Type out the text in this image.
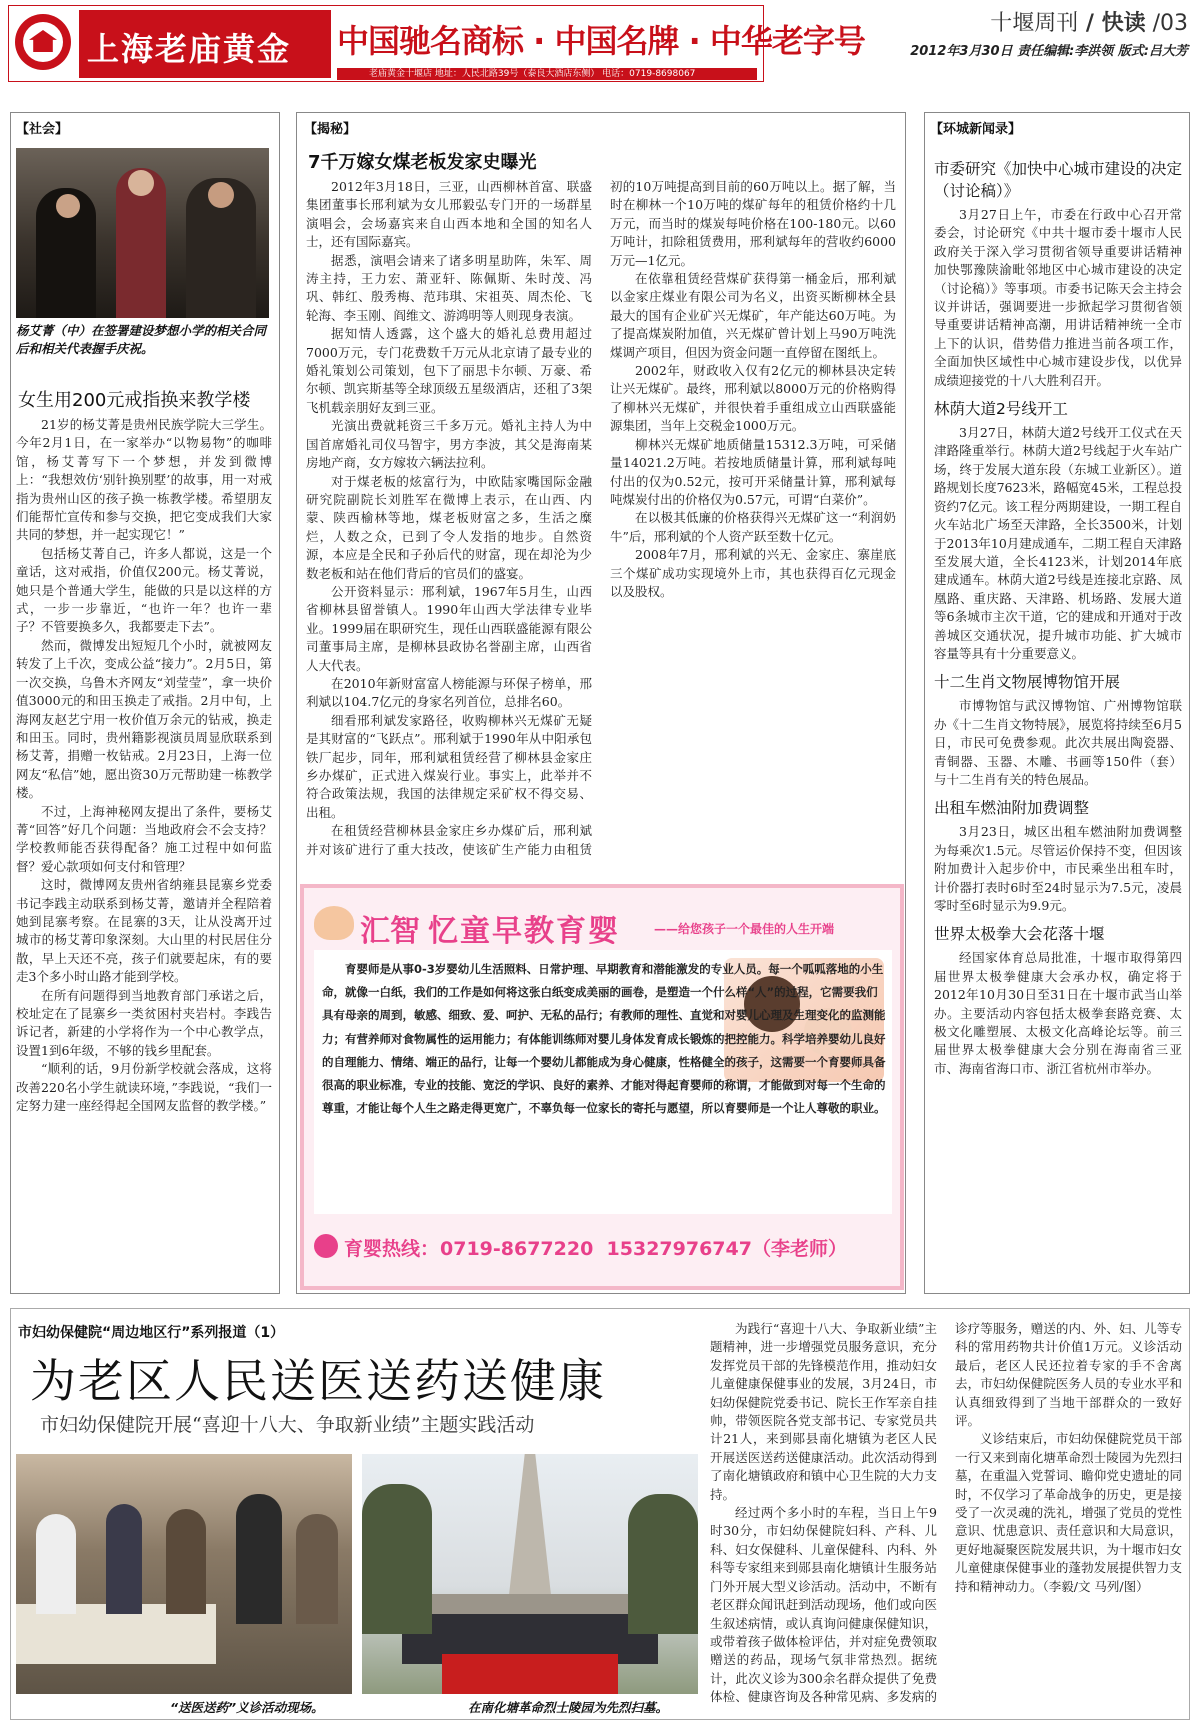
上海老庙黄金 中国驰名商标 · 中国名牌 · 中华老字号
老庙黄金十堰店 地址：人民北路39号（泰良大酒店东侧） 电话：0719-8698067
十堰周刊 / 快读 /03
2012年3月30日 责任编辑:李洪领 版式:吕大芳
【社会】
杨艾菁（中）在签署建设梦想小学的相关合同后和相关代表握手庆祝。
女生用200元戒指换来教学楼

21岁的杨艾菁是贵州民族学院大三学生。今年2月1日，在一家举办“以物易物”的咖啡馆，杨艾菁写下一个梦想，并发到微博上：“我想效仿‘别针换别墅’的故事，用一对戒指为贵州山区的孩子换一栋教学楼。希望朋友们能帮忙宣传和参与交换，把它变成我们大家共同的梦想，并一起实现它！”

包括杨艾菁自己，许多人都说，这是一个童话，这对戒指，价值仅200元。杨艾菁说，她只是个普通大学生，能做的只是以这样的方式，一步一步靠近，“也许一年？也许一辈子？不管要换多久，我都要走下去”。

然而，微博发出短短几个小时，就被网友转发了上千次，变成公益“接力”。2月5日，第一次交换，乌鲁木齐网友“刘莹莹”，拿一块价值3000元的和田玉换走了戒指。2月中旬，上海网友赵艺宁用一枚价值万余元的钻戒，换走和田玉。同时，贵州籍影视演员周显欣联系到杨艾菁，捐赠一枚钻戒。2月23日，上海一位网友“私信”她，愿出资30万元帮助建一栋教学楼。

不过，上海神秘网友提出了条件，要杨艾菁“回答”好几个问题：当地政府会不会支持？学校教师能否获得配备？施工过程中如何监督？爱心款项如何支付和管理？

这时，微博网友贵州省纳雍县昆寨乡党委书记李践主动联系到杨艾菁，邀请并全程陪着她到昆寨考察。在昆寨的3天，让从没离开过城市的杨艾菁印象深刻。大山里的村民居住分散，早上天还不亮，孩子们就要起床，有的要走3个多小时山路才能到学校。

在所有问题得到当地教育部门承诺之后，校址定在了昆寨乡一类贫困村夹岩村。李践告诉记者，新建的小学将作为一个中心教学点，设置1到6年级，不够的钱乡里配套。

“顺利的话，9月份新学校就会落成，这将改善220名小学生就读环境，”李践说，“我们一定努力建一座经得起全国网友监督的教学楼。”

【揭秘】
7千万嫁女煤老板发家史曝光

2012年3月18日，三亚，山西柳林首富、联盛集团董事长邢利斌为女儿邢毅弘专门开的一场群星演唱会，会场嘉宾来自山西本地和全国的知名人士，还有国际嘉宾。

据悉，演唱会请来了诸多明星助阵，朱军、周涛主持，王力宏、萧亚轩、陈佩斯、朱时茂、冯巩、韩红、殷秀梅、范玮琪、宋祖英、周杰伦、飞轮海、李玉刚、阎维文、游鸿明等人则现身表演。

据知情人透露，这个盛大的婚礼总费用超过7000万元，专门花费数千万元从北京请了最专业的婚礼策划公司策划，包下了丽思卡尔顿、万豪、希尔顿、凯宾斯基等全球顶级五星级酒店，还租了3架飞机载亲朋好友到三亚。

光演出费就耗资三千多万元。婚礼主持人为中国首席婚礼司仪马智宇，男方李波，其父是海南某房地产商，女方嫁妆六辆法拉利。

对于煤老板的炫富行为，中欧陆家嘴国际金融研究院副院长刘胜军在微博上表示，在山西、内蒙、陕西榆林等地，煤老板财富之多，生活之糜烂，人数之众，已到了令人发指的地步。自然资源，本应是全民和子孙后代的财富，现在却沦为少数老板和站在他们背后的官员们的盛宴。

公开资料显示：邢利斌，1967年5月生，山西省柳林县留誉镇人。1990年山西大学法律专业毕业。1999届在职研究生，现任山西联盛能源有限公司董事局主席，是柳林县政协名誉副主席，山西省人大代表。

在2010年新财富富人榜能源与环保子榜单，邢利斌以104.7亿元的身家名列首位，总排名60。

细看邢利斌发家路径，收购柳林兴无煤矿无疑是其财富的“飞跃点”。邢利斌于1990年从中阳承包铁厂起步，同年，邢利斌租赁经营了柳林县金家庄乡办煤矿，正式进入煤炭行业。事实上，此举并不符合政策法规，我国的法律规定采矿权不得交易、出租。

在租赁经营柳林县金家庄乡办煤矿后，邢利斌并对该矿进行了重大技改，使该矿生产能力由租赁初的10万吨提高到目前的60万吨以上。据了解，当时在柳林一个10万吨的煤矿每年的租赁价格约十几万元，而当时的煤炭每吨价格在100-180元。以60万吨计，扣除租赁费用，邢利斌每年的营收约6000万元—1亿元。

在依靠租赁经营煤矿获得第一桶金后，邢利斌以金家庄煤业有限公司为名义，出资买断柳林全县最大的国有企业矿兴无煤矿，年产能达60万吨。为了提高煤炭附加值，兴无煤矿曾计划上马90万吨洗煤调产项目，但因为资金问题一直停留在图纸上。

2002年，财政收入仅有2亿元的柳林县决定转让兴无煤矿。最终，邢利斌以8000万元的价格购得了柳林兴无煤矿，并很快着手重组成立山西联盛能源集团，当年上交税金1000万元。

柳林兴无煤矿地质储量15312.3万吨，可采储量14021.2万吨。若按地质储量计算，邢利斌每吨付出的仅为0.52元，按可开采储量计算，邢利斌每吨煤炭付出的价格仅为0.57元，可谓“白菜价”。

在以极其低廉的价格获得兴无煤矿这一“利润奶牛”后，邢利斌的个人资产跃至数十亿元。

2008年7月，邢利斌的兴无、金家庄、寨崖底三个煤矿成功实现境外上市，其也获得百亿元现金以及股权。

汇智 忆童早教育婴	——给您孩子一个最佳的人生开端
育婴师是从事0-3岁婴幼儿生活照料、日常护理、早期教育和潜能激发的专业人员。每一个呱呱落地的小生命，就像一白纸，我们的工作是如何将这张白纸变成美丽的画卷，是塑造一个什么样“人”的过程，它需要我们具有母亲的周到，敏感、细致、爱、呵护、无私的品行；有教师的理性、直觉和对婴儿心理及生理变化的监测能力；有营养师对食物属性的运用能力；有体能训练师对婴儿身体发育成长锻炼的把控能力。科学培养婴幼儿良好的自理能力、情绪、端正的品行，让每一个婴幼儿都能成为身心健康，性格健全的孩子，这需要一个育婴师具备很高的职业标准，专业的技能、宽泛的学识、良好的素养、才能对得起育婴师的称谓，才能做到对每一个生命的尊重，才能让每个人生之路走得更宽广，不辜负每一位家长的寄托与愿望，所以育婴师是一个让人尊敬的职业。
育婴热线： 0719-8677220  15327976747（李老师）
【环城新闻录】
市委研究《加快中心城市建设的决定（讨论稿）》
3月27日上午，市委在行政中心召开常委会，讨论研究《中共十堰市委十堰市人民政府关于深入学习贯彻省领导重要讲话精神加快鄂豫陕渝毗邻地区中心城市建设的决定（讨论稿）》等事项。市委书记陈天会主持会议并讲话，强调要进一步掀起学习贯彻省领导重要讲话精神高潮，用讲话精神统一全市上下的认识，借势借力推进当前各项工作，全面加快区域性中心城市建设步伐，以优异成绩迎接党的十八大胜利召开。
林荫大道2号线开工
3月27日，林荫大道2号线开工仪式在天津路隆重举行。林荫大道2号线起于火车站广场，终于发展大道东段（东城工业新区）。道路规划长度7623米，路幅宽45米，工程总投资约7亿元。该工程分两期建设，一期工程自火车站北广场至天津路，全长3500米，计划于2013年10月建成通车，二期工程自天津路至发展大道，全长4123米，计划2014年底建成通车。林荫大道2号线是连接北京路、凤凰路、重庆路、天津路、机场路、发展大道等6条城市主次干道，它的建成和开通对于改善城区交通状况，提升城市功能、扩大城市容量等具有十分重要意义。
十二生肖文物展博物馆开展
市博物馆与武汉博物馆、广州博物馆联办《十二生肖文物特展》，展览将持续至6月5日，市民可免费参观。此次共展出陶瓷器、青铜器、玉器、木雕、书画等150件（套）与十二生肖有关的特色展品。
出租车燃油附加费调整
3月23日，城区出租车燃油附加费调整为每乘次1.5元。尽管运价保持不变，但因该附加费计入起步价中，市民乘坐出租车时，计价器打表时6时至24时显示为7.5元，凌晨零时至6时显示为9.9元。
世界太极拳大会花落十堰
经国家体育总局批准，十堰市取得第四届世界太极拳健康大会承办权，确定将于2012年10月30日至31日在十堰市武当山举办。主要活动内容包括太极拳套路竞赛、太极文化雕塑展、太极文化高峰论坛等。前三届世界太极拳健康大会分别在海南省三亚市、海南省海口市、浙江省杭州市举办。
市妇幼保健院“周边地区行”系列报道（1）
为老区人民送医送药送健康
市妇幼保健院开展“喜迎十八大、争取新业绩”主题实践活动
“送医送药”义诊活动现场。	在南化塘革命烈士陵园为先烈扫墓。

为践行“喜迎十八大、争取新业绩”主题精神，进一步增强党员服务意识，充分发挥党员干部的先锋模范作用，推动妇女儿童健康保健事业的发展，3月24日，市妇幼保健院党委书记、院长王作军亲自挂帅，带领医院各党支部书记、专家党员共计21人，来到郧县南化塘镇为老区人民开展送医送药送健康活动。此次活动得到了南化塘镇政府和镇中心卫生院的大力支持。

经过两个多小时的车程，当日上午9时30分，市妇幼保健院妇科、产科、儿科、妇女保健科、儿童保健科、内科、外科等专家组来到郧县南化塘镇计生服务站门外开展大型义诊活动。活动中，不断有老区群众闻讯赶到活动现场，他们或向医生叙述病情，或认真询问健康保健知识，或带着孩子做体检评估，并对症免费领取赠送的药品，现场气氛非常热烈。据统计，此次义诊为300余名群众提供了免费体检、健康咨询及各种常见病、多发病的诊疗等服务，赠送的内、外、妇、儿等专科的常用药物共计价值1万元。义诊活动最后，老区人民还拉着专家的手不舍离去，市妇幼保健院医务人员的专业水平和认真细致得到了当地干部群众的一致好评。

义诊结束后，市妇幼保健院党员干部一行又来到南化塘革命烈士陵园为先烈扫墓，在重温入党誓词、瞻仰党史遗址的同时，不仅学习了革命战争的历史，更是接受了一次灵魂的洗礼，增强了党员的党性意识、忧患意识、责任意识和大局意识，更好地凝聚医院发展共识，为十堰市妇女儿童健康保健事业的蓬勃发展提供智力支持和精神动力。（李毅/文 马列/图）
